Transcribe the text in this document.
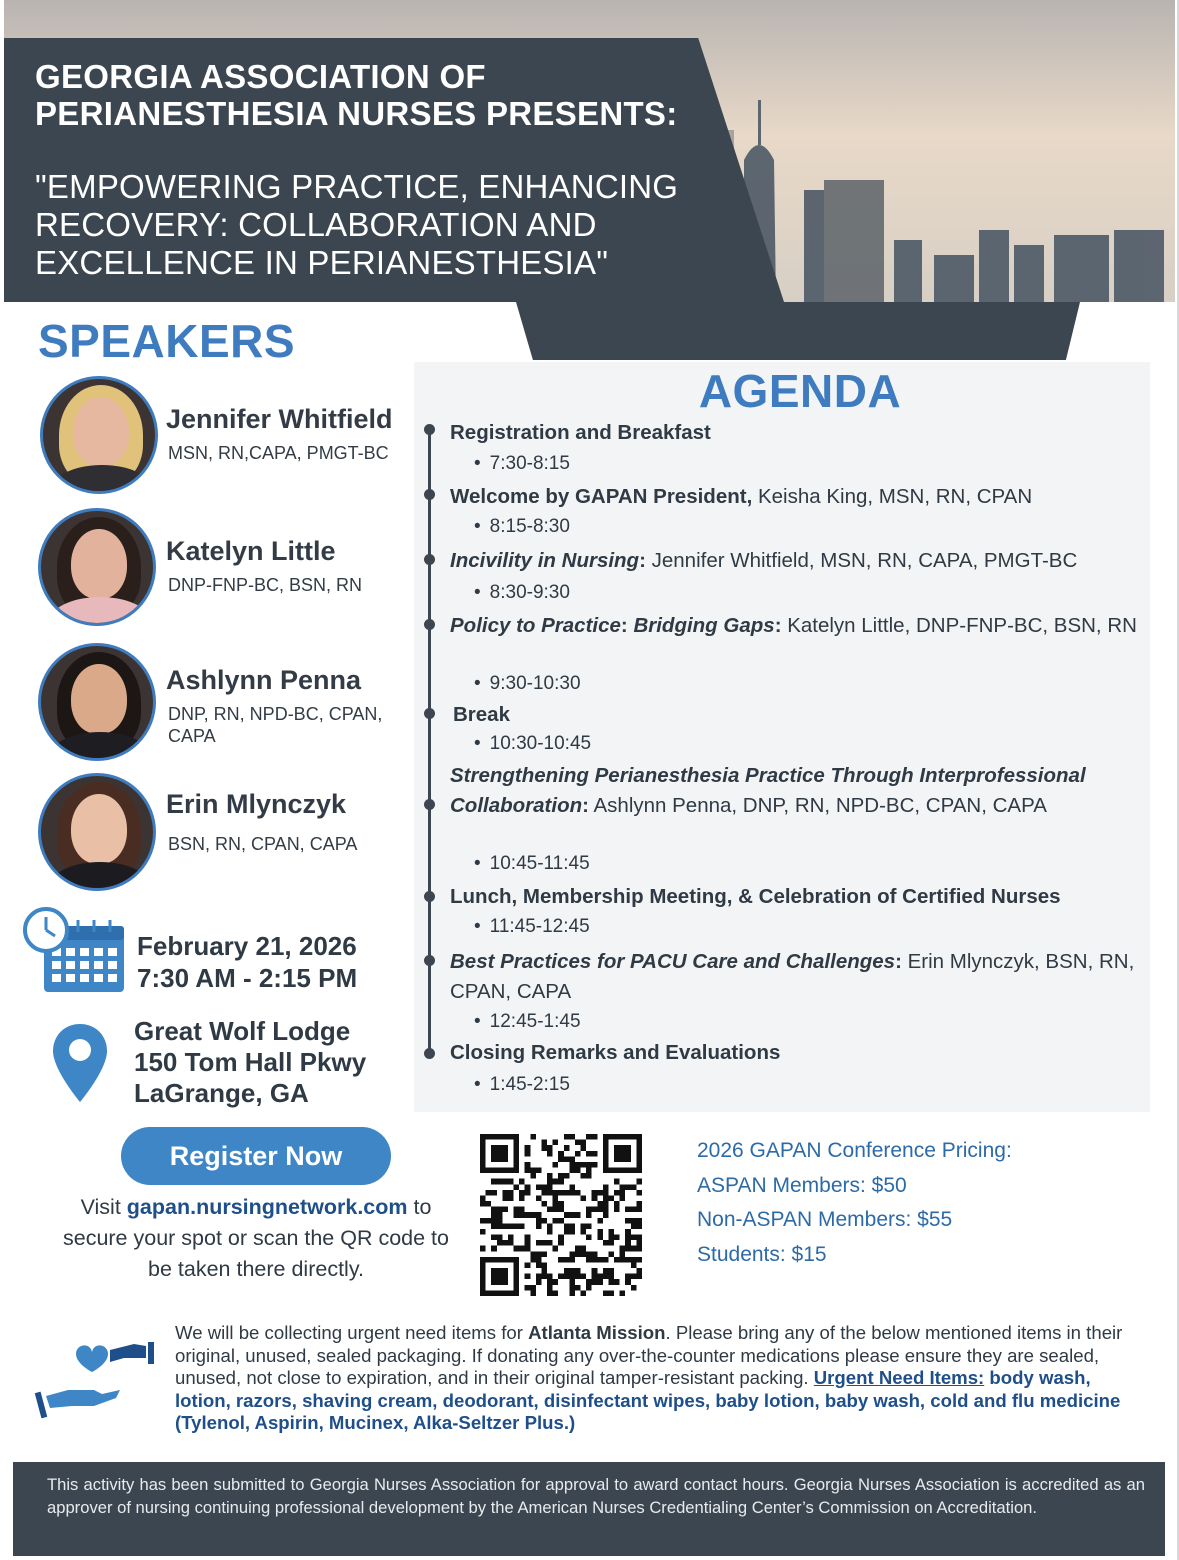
GEORGIA ASSOCIATION OF PERIANESTHESIA NURSES PRESENTS:
"EMPOWERING PRACTICE, ENHANCING RECOVERY: COLLABORATION AND EXCELLENCE IN PERIANESTHESIA"
SPEAKERS
Jennifer Whitfield
MSN, RN,CAPA, PMGT-BC
Katelyn Little
DNP-FNP-BC, BSN, RN
Ashlynn Penna
DNP, RN, NPD-BC, CPAN, CAPA
Erin Mlynczyk
BSN, RN, CPAN, CAPA
February 21, 2026
7:30 AM - 2:15 PM
Great Wolf Lodge
150 Tom Hall Pkwy
LaGrange, GA
AGENDA
Registration and Breakfast
• 7:30-8:15
Welcome by GAPAN President, Keisha King, MSN, RN, CPAN
• 8:15-8:30
Incivility in Nursing: Jennifer Whitfield, MSN, RN, CAPA, PMGT-BC
• 8:30-9:30
Policy to Practice: Bridging Gaps: Katelyn Little, DNP-FNP-BC, BSN, RN
• 9:30-10:30
Break
• 10:30-10:45
Strengthening Perianesthesia Practice Through Interprofessional Collaboration: Ashlynn Penna, DNP, RN, NPD-BC, CPAN, CAPA
• 10:45-11:45
Lunch, Membership Meeting, & Celebration of Certified Nurses
• 11:45-12:45
Best Practices for PACU Care and Challenges: Erin Mlynczyk, BSN, RN, CPAN, CAPA
• 12:45-1:45
Closing Remarks and Evaluations
• 1:45-2:15
Register Now
Visit gapan.nursingnetwork.com to secure your spot or scan the QR code to be taken there directly.
2026 GAPAN Conference Pricing:
ASPAN Members: $50
Non-ASPAN Members: $55
Students: $15
We will be collecting urgent need items for Atlanta Mission. Please bring any of the below mentioned items in their original, unused, sealed packaging. If donating any over-the-counter medications please ensure they are sealed, unused, not close to expiration, and in their original tamper-resistant packing. Urgent Need Items: body wash, lotion, razors, shaving cream, deodorant, disinfectant wipes, baby lotion, baby wash, cold and flu medicine (Tylenol, Aspirin, Mucinex, Alka-Seltzer Plus.)
This activity has been submitted to Georgia Nurses Association for approval to award contact hours. Georgia Nurses Association is accredited as an approver of nursing continuing professional development by the American Nurses Credentialing Center’s Commission on Accreditation.
